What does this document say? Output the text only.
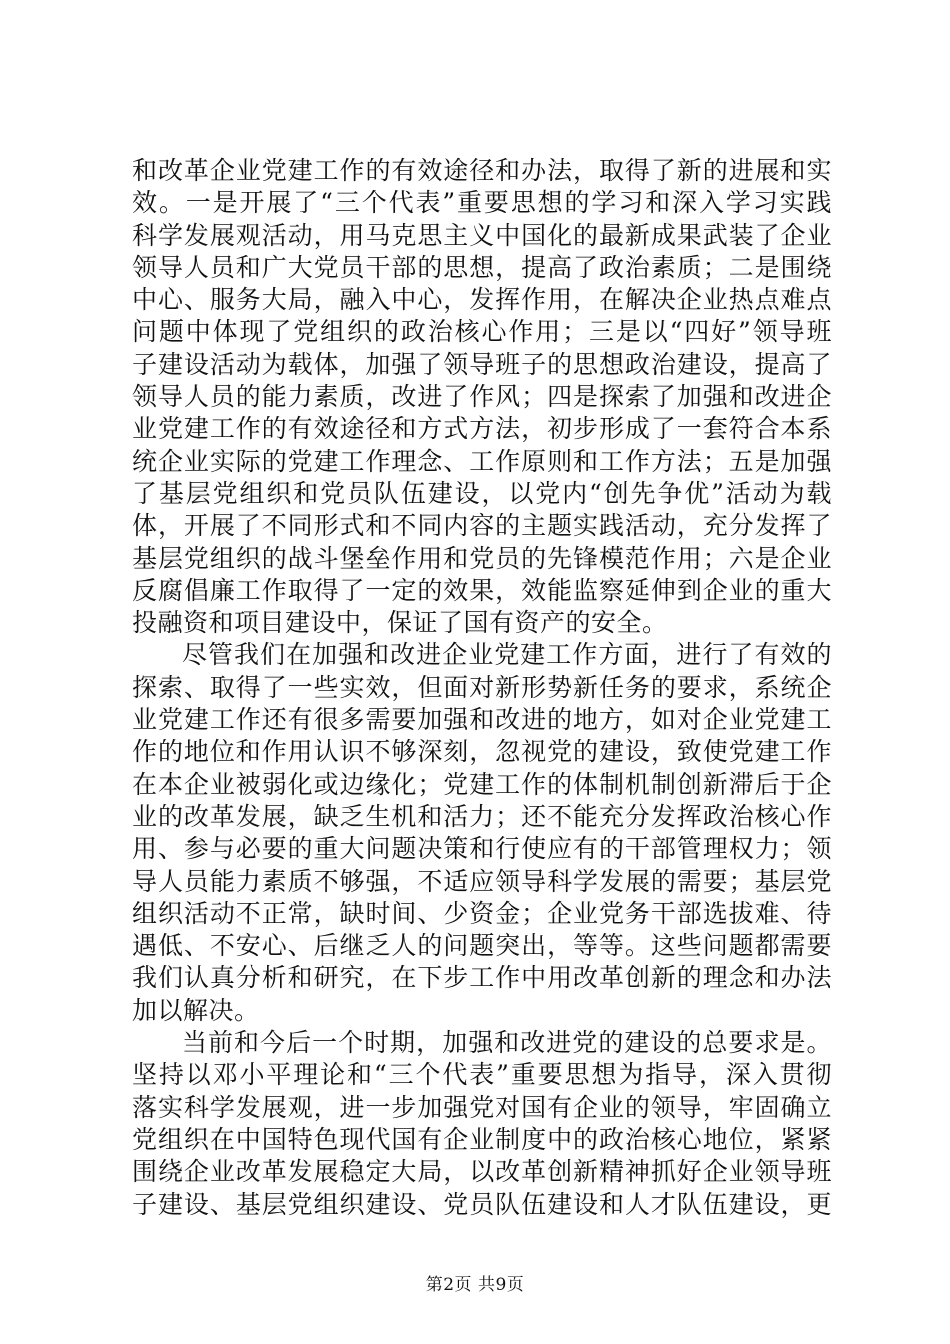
和改革企业党建工作的有效途径和办法，取得了新的进展和实
效。一是开展了“三个代表”重要思想的学习和深入学习实践
科学发展观活动，用马克思主义中国化的最新成果武装了企业
领导人员和广大党员干部的思想，提高了政治素质；二是围绕
中心、服务大局，融入中心，发挥作用，在解决企业热点难点
问题中体现了党组织的政治核心作用；三是以“四好”领导班
子建设活动为载体，加强了领导班子的思想政治建设，提高了
领导人员的能力素质，改进了作风；四是探索了加强和改进企
业党建工作的有效途径和方式方法，初步形成了一套符合本系
统企业实际的党建工作理念、工作原则和工作方法；五是加强
了基层党组织和党员队伍建设，以党内“创先争优”活动为载
体，开展了不同形式和不同内容的主题实践活动，充分发挥了
基层党组织的战斗堡垒作用和党员的先锋模范作用；六是企业
反腐倡廉工作取得了一定的效果，效能监察延伸到企业的重大
投融资和项目建设中，保证了国有资产的安全。
尽管我们在加强和改进企业党建工作方面，进行了有效的
探索、取得了一些实效，但面对新形势新任务的要求，系统企
业党建工作还有很多需要加强和改进的地方，如对企业党建工
作的地位和作用认识不够深刻，忽视党的建设，致使党建工作
在本企业被弱化或边缘化；党建工作的体制机制创新滞后于企
业的改革发展，缺乏生机和活力；还不能充分发挥政治核心作
用、参与必要的重大问题决策和行使应有的干部管理权力；领
导人员能力素质不够强，不适应领导科学发展的需要；基层党
组织活动不正常，缺时间、少资金；企业党务干部选拔难、待
遇低、不安心、后继乏人的问题突出，等等。这些问题都需要
我们认真分析和研究，在下步工作中用改革创新的理念和办法
加以解决。
当前和今后一个时期，加强和改进党的建设的总要求是。
坚持以邓小平理论和“三个代表”重要思想为指导，深入贯彻
落实科学发展观，进一步加强党对国有企业的领导，牢固确立
党组织在中国特色现代国有企业制度中的政治核心地位，紧紧
围绕企业改革发展稳定大局，以改革创新精神抓好企业领导班
子建设、基层党组织建设、党员队伍建设和人才队伍建设，更
第2页 共9页
